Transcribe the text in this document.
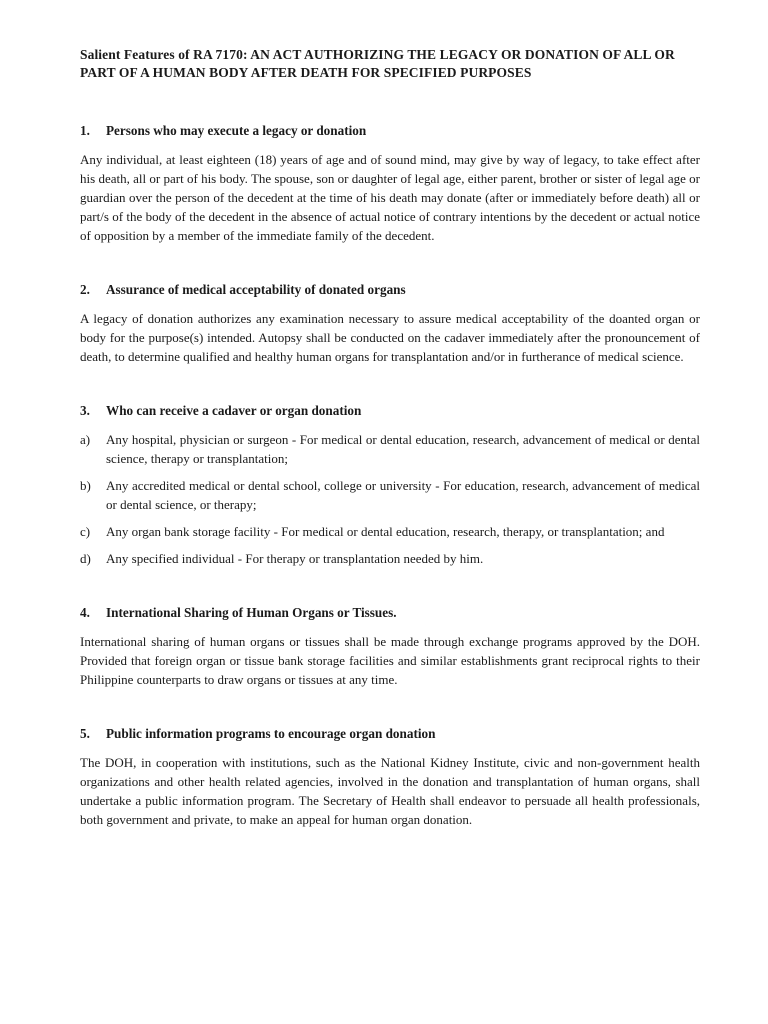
Salient Features of RA 7170: AN ACT AUTHORIZING THE LEGACY OR DONATION OF ALL OR PART OF A HUMAN BODY AFTER DEATH FOR SPECIFIED PURPOSES
1.	Persons who may execute a legacy or donation

Any individual, at least eighteen (18) years of age and of sound mind, may give by way of legacy, to take effect after his death, all or part of his body. The spouse, son or daughter of legal age, either parent, brother or sister of legal age or guardian over the person of the decedent at the time of his death may donate (after or immediately before death) all or part/s of the body of the decedent in the absence of actual notice of contrary intentions by the decedent or actual notice of opposition by a member of the immediate family of the decedent.

2.	Assurance of medical acceptability of donated organs

A legacy of donation authorizes any examination necessary to assure medical acceptability of the doanted organ or body for the purpose(s) intended. Autopsy shall be conducted on the cadaver immediately after the pronouncement of death, to determine qualified and healthy human organs for transplantation and/or in furtherance of medical science.

3.	Who can receive a cadaver or organ donation
a)	Any hospital, physician or surgeon - For medical or dental education, research, advancement of medical or dental science, therapy or transplantation;
b)	Any accredited medical or dental school, college or university - For education, research, advancement of medical or dental science, or therapy;
c)	Any organ bank storage facility - For medical or dental education, research, therapy, or transplantation; and
d)	Any specified individual - For therapy or transplantation needed by him.
4.	International Sharing of Human Organs or Tissues.

International sharing of human organs or tissues shall be made through exchange programs approved by the DOH. Provided that foreign organ or tissue bank storage facilities and similar establishments grant reciprocal rights to their Philippine counterparts to draw organs or tissues at any time.

5.	Public information programs to encourage organ donation

The DOH, in cooperation with institutions, such as the National Kidney Institute, civic and non-government health organizations and other health related agencies, involved in the donation and transplantation of human organs, shall undertake a public information program. The Secretary of Health shall endeavor to persuade all health professionals, both government and private, to make an appeal for human organ donation.
